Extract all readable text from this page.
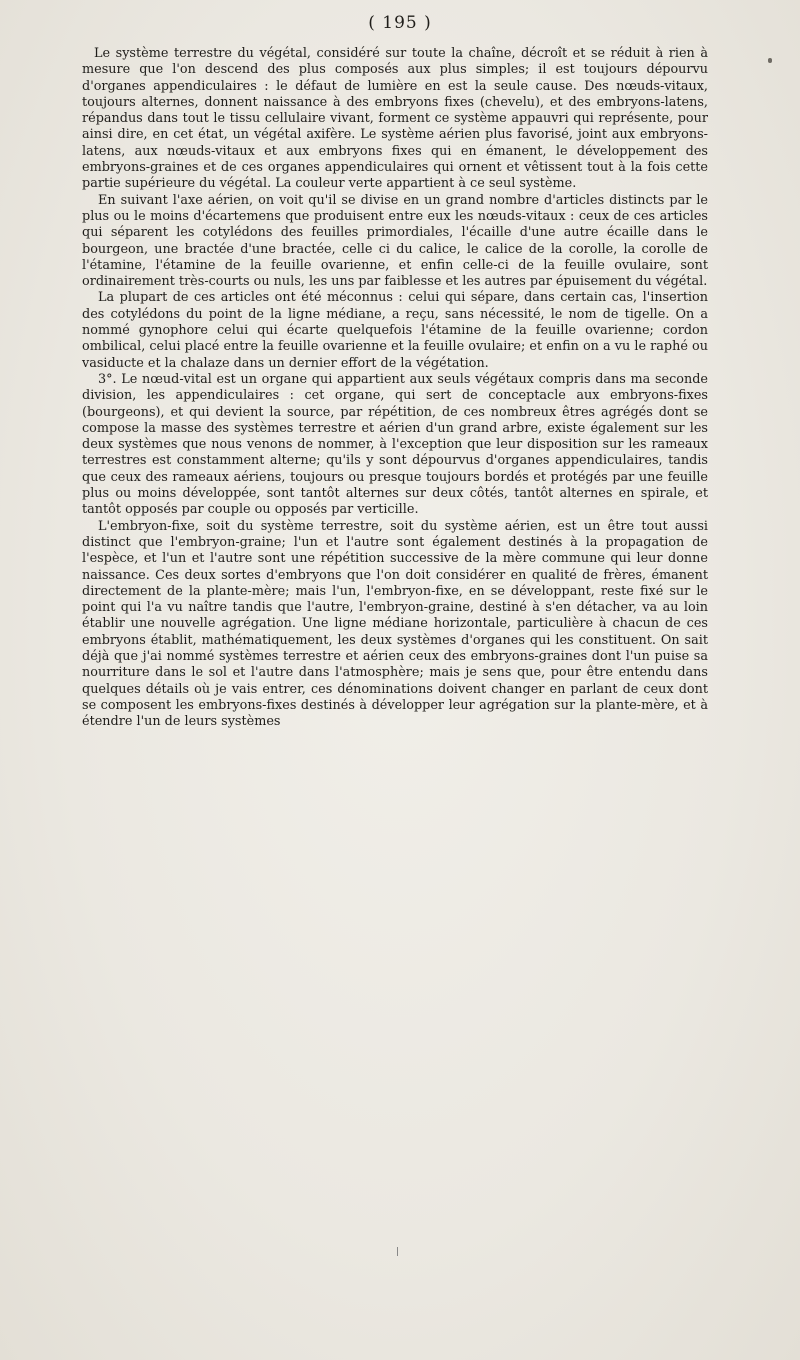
( 195 )

Le système terrestre du végétal, considéré sur toute la chaîne, décroît et se réduit à rien à mesure que l'on descend des plus composés aux plus simples; il est toujours dépourvu d'organes appendiculaires : le défaut de lumière en est la seule cause. Des nœuds-vitaux, toujours alternes, donnent naissance à des embryons fixes (chevelu), et des embryons-latens, répandus dans tout le tissu cellulaire vivant, forment ce système appauvri qui représente, pour ainsi dire, en cet état, un végétal axifère. Le système aérien plus favorisé, joint aux embryons-latens, aux nœuds-vitaux et aux embryons fixes qui en émanent, le développement des embryons-graines et de ces organes appendiculaires qui ornent et vêtissent tout à la fois cette partie supérieure du végétal. La couleur verte appartient à ce seul système.

En suivant l'axe aérien, on voit qu'il se divise en un grand nombre d'articles distincts par le plus ou le moins d'écartemens que produisent entre eux les nœuds-vitaux : ceux de ces articles qui séparent les cotylédons des feuilles primordiales, l'écaille d'une autre écaille dans le bourgeon, une bractée d'une bractée, celle ci du calice, le calice de la corolle, la corolle de l'étamine, l'étamine de la feuille ovarienne, et enfin celle-ci de la feuille ovulaire, sont ordinairement très-courts ou nuls, les uns par faiblesse et les autres par épuisement du végétal.

La plupart de ces articles ont été méconnus : celui qui sépare, dans certain cas, l'insertion des cotylédons du point de la ligne médiane, a reçu, sans nécessité, le nom de tigelle. On a nommé gynophore celui qui écarte quelquefois l'étamine de la feuille ovarienne; cordon ombilical, celui placé entre la feuille ovarienne et la feuille ovulaire; et enfin on a vu le raphé ou vasiducte et la chalaze dans un dernier effort de la végétation.

3°. Le nœud-vital est un organe qui appartient aux seuls végétaux compris dans ma seconde division, les appendiculaires : cet organe, qui sert de conceptacle aux embryons-fixes (bourgeons), et qui devient la source, par répétition, de ces nombreux êtres agrégés dont se compose la masse des systèmes terrestre et aérien d'un grand arbre, existe également sur les deux systèmes que nous venons de nommer, à l'exception que leur disposition sur les rameaux terrestres est constamment alterne; qu'ils y sont dépourvus d'organes appendiculaires, tandis que ceux des rameaux aériens, toujours ou presque toujours bordés et protégés par une feuille plus ou moins développée, sont tantôt alternes sur deux côtés, tantôt alternes en spirale, et tantôt opposés par couple ou opposés par verticille.

L'embryon-fixe, soit du système terrestre, soit du système aérien, est un être tout aussi distinct que l'embryon-graine; l'un et l'autre sont également destinés à la propagation de l'espèce, et l'un et l'autre sont une répétition successive de la mère commune qui leur donne naissance. Ces deux sortes d'embryons que l'on doit considérer en qualité de frères, émanent directement de la plante-mère; mais l'un, l'embryon-fixe, en se développant, reste fixé sur le point qui l'a vu naître tandis que l'autre, l'embryon-graine, destiné à s'en détacher, va au loin établir une nouvelle agrégation. Une ligne médiane horizontale, particulière à chacun de ces embryons établit, mathématiquement, les deux systèmes d'organes qui les constituent. On sait déjà que j'ai nommé systèmes terrestre et aérien ceux des embryons-graines dont l'un puise sa nourriture dans le sol et l'autre dans l'atmosphère; mais je sens que, pour être entendu dans quelques détails où je vais entrer, ces dénominations doivent changer en parlant de ceux dont se composent les embryons-fixes destinés à développer leur agrégation sur la plante-mère, et à étendre l'un de leurs systèmes
